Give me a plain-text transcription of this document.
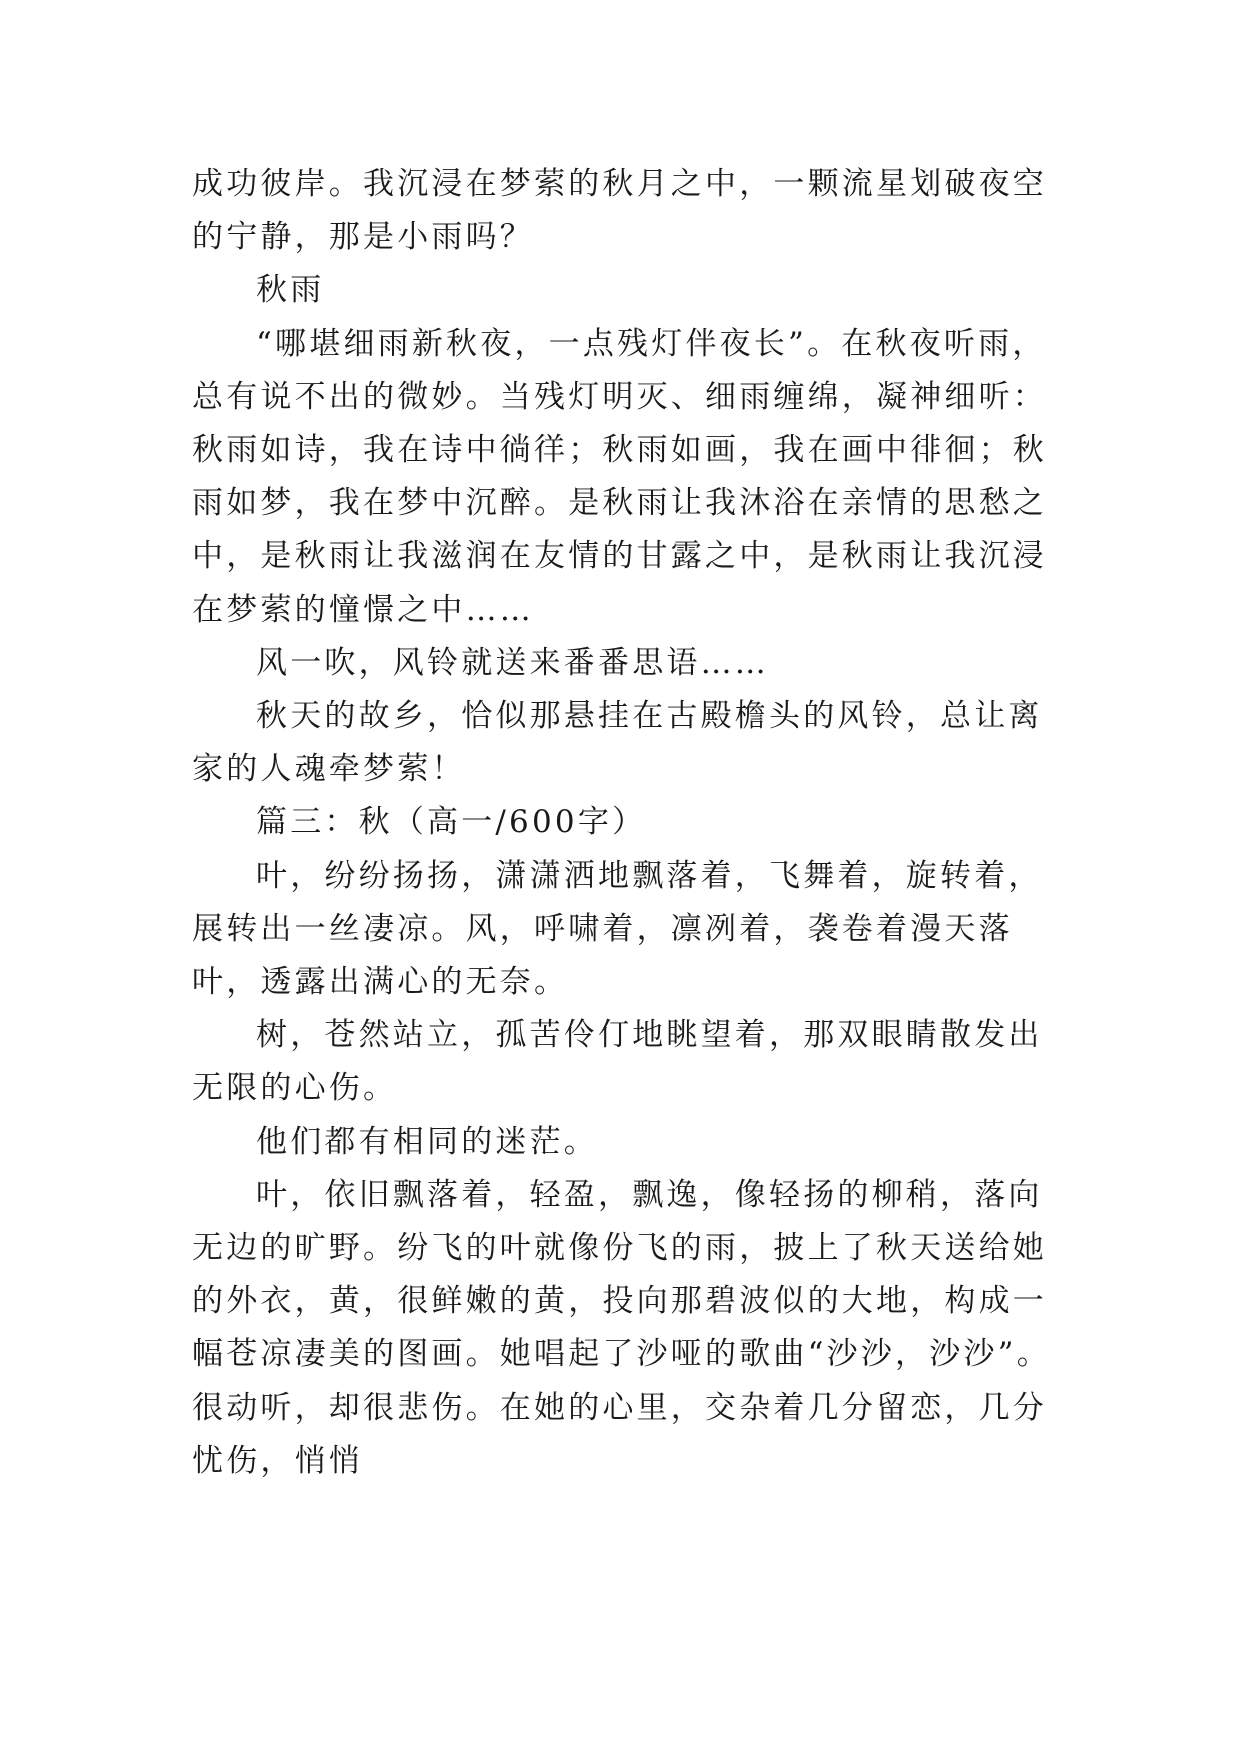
成功彼岸。我沉浸在梦萦的秋月之中，一颗流星划破夜空的宁静，那是小雨吗？

秋雨

“哪堪细雨新秋夜，一点残灯伴夜长”。在秋夜听雨，总有说不出的微妙。当残灯明灭、细雨缠绵，凝神细听：秋雨如诗，我在诗中徜徉；秋雨如画，我在画中徘徊；秋雨如梦，我在梦中沉醉。是秋雨让我沐浴在亲情的思愁之中，是秋雨让我滋润在友情的甘露之中，是秋雨让我沉浸在梦萦的憧憬之中……

风一吹，风铃就送来番番思语……

秋天的故乡，恰似那悬挂在古殿檐头的风铃，总让离家的人魂牵梦萦！

篇三：秋（高一/600字）

叶，纷纷扬扬，潇潇洒地飘落着，飞舞着，旋转着，展转出一丝凄凉。风，呼啸着，凛冽着，袭卷着漫天落叶，透露出满心的无奈。

树，苍然站立，孤苦伶仃地眺望着，那双眼睛散发出无限的心伤。

他们都有相同的迷茫。

叶，依旧飘落着，轻盈，飘逸，像轻扬的柳稍，落向无边的旷野。纷飞的叶就像份飞的雨，披上了秋天送给她的外衣，黄，很鲜嫩的黄，投向那碧波似的大地，构成一幅苍凉凄美的图画。她唱起了沙哑的歌曲“沙沙，沙沙”。很动听，却很悲伤。在她的心里，交杂着几分留恋，几分忧伤，悄悄
